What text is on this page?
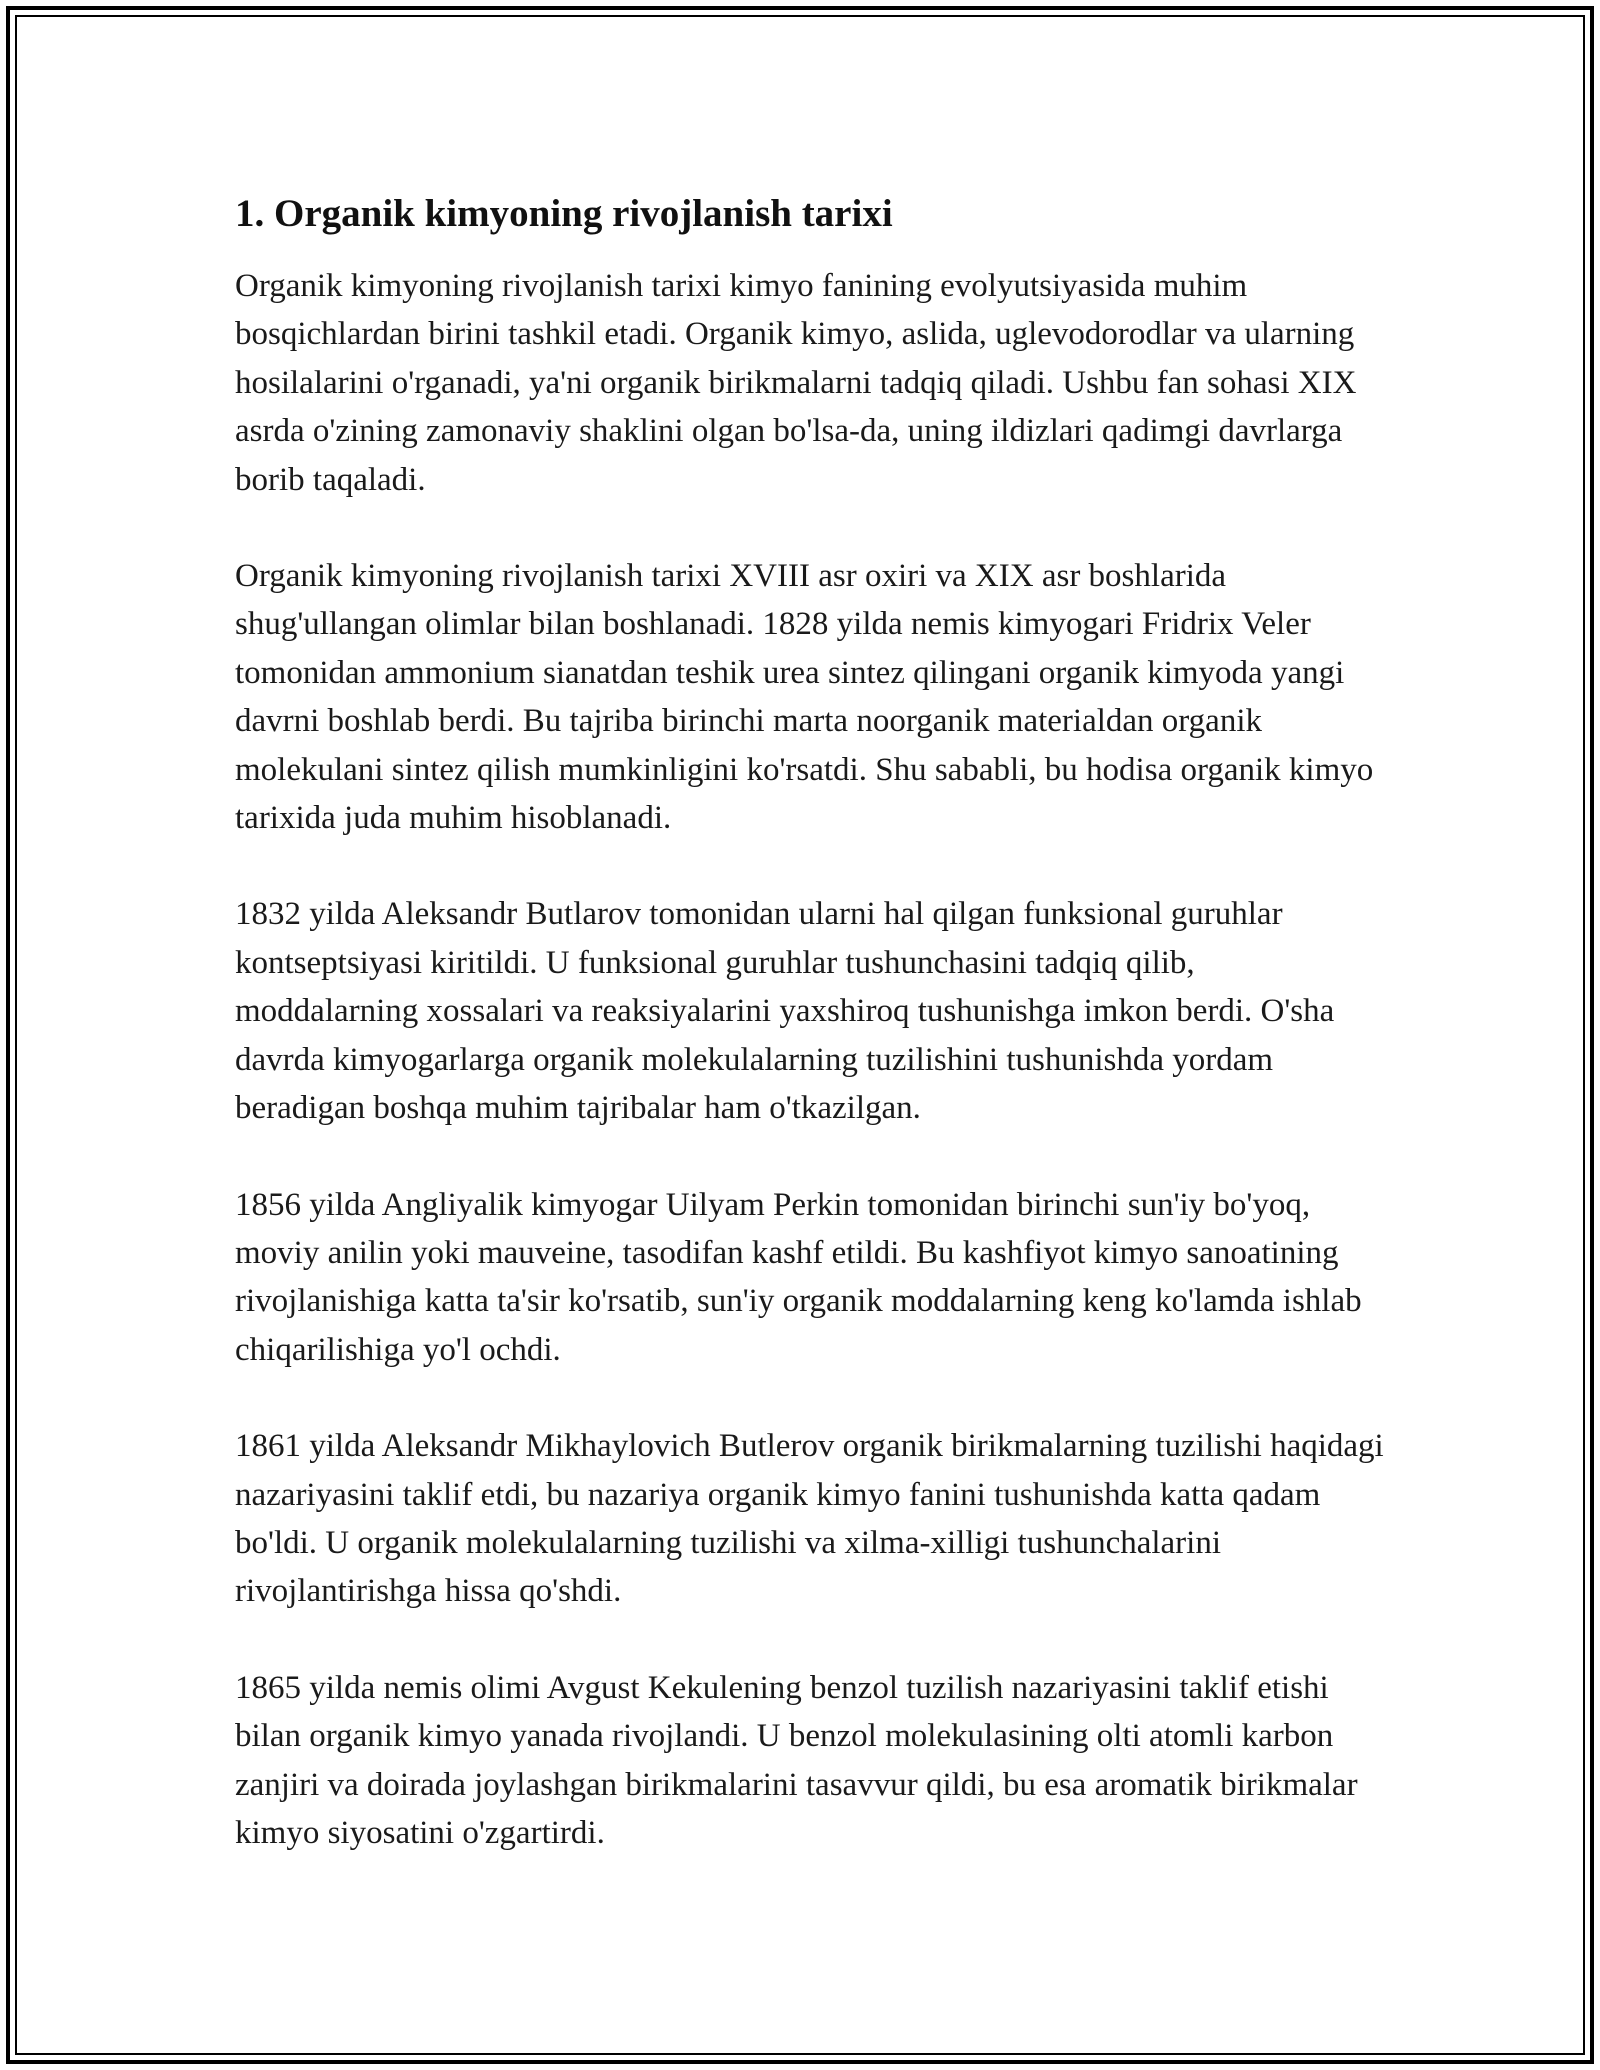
1. Organik kimyoning rivojlanish tarixi

Organik kimyoning rivojlanish tarixi kimyo fanining evolyutsiyasida muhim bosqichlardan birini tashkil etadi. Organik kimyo, aslida, uglevodorodlar va ularning hosilalarini o'rganadi, ya'ni organik birikmalarni tadqiq qiladi. Ushbu fan sohasi XIX asrda o'zining zamonaviy shaklini olgan bo'lsa-da, uning ildizlari qadimgi davrlarga borib taqaladi.

Organik kimyoning rivojlanish tarixi XVIII asr oxiri va XIX asr boshlarida shug'ullangan olimlar bilan boshlanadi. 1828 yilda nemis kimyogari Fridrix Veler tomonidan ammonium sianatdan teshik urea sintez qilingani organik kimyoda yangi davrni boshlab berdi. Bu tajriba birinchi marta noorganik materialdan organik molekulani sintez qilish mumkinligini ko'rsatdi. Shu sababli, bu hodisa organik kimyo tarixida juda muhim hisoblanadi.

1832 yilda Aleksandr Butlarov tomonidan ularni hal qilgan funksional guruhlar kontseptsiyasi kiritildi. U funksional guruhlar tushunchasini tadqiq qilib, moddalarning xossalari va reaksiyalarini yaxshiroq tushunishga imkon berdi. O'sha davrda kimyogarlarga organik molekulalarning tuzilishini tushunishda yordam beradigan boshqa muhim tajribalar ham o'tkazilgan.

1856 yilda Angliyalik kimyogar Uilyam Perkin tomonidan birinchi sun'iy bo'yoq, moviy anilin yoki mauveine, tasodifan kashf etildi. Bu kashfiyot kimyo sanoatining rivojlanishiga katta ta'sir ko'rsatib, sun'iy organik moddalarning keng ko'lamda ishlab chiqarilishiga yo'l ochdi.

1861 yilda Aleksandr Mikhaylovich Butlerov organik birikmalarning tuzilishi haqidagi nazariyasini taklif etdi, bu nazariya organik kimyo fanini tushunishda katta qadam bo'ldi. U organik molekulalarning tuzilishi va xilma-xilligi tushunchalarini rivojlantirishga hissa qo'shdi.

1865 yilda nemis olimi Avgust Kekulening benzol tuzilish nazariyasini taklif etishi bilan organik kimyo yanada rivojlandi. U benzol molekulasining olti atomli karbon zanjiri va doirada joylashgan birikmalarini tasavvur qildi, bu esa aromatik birikmalar kimyo siyosatini o'zgartirdi.
